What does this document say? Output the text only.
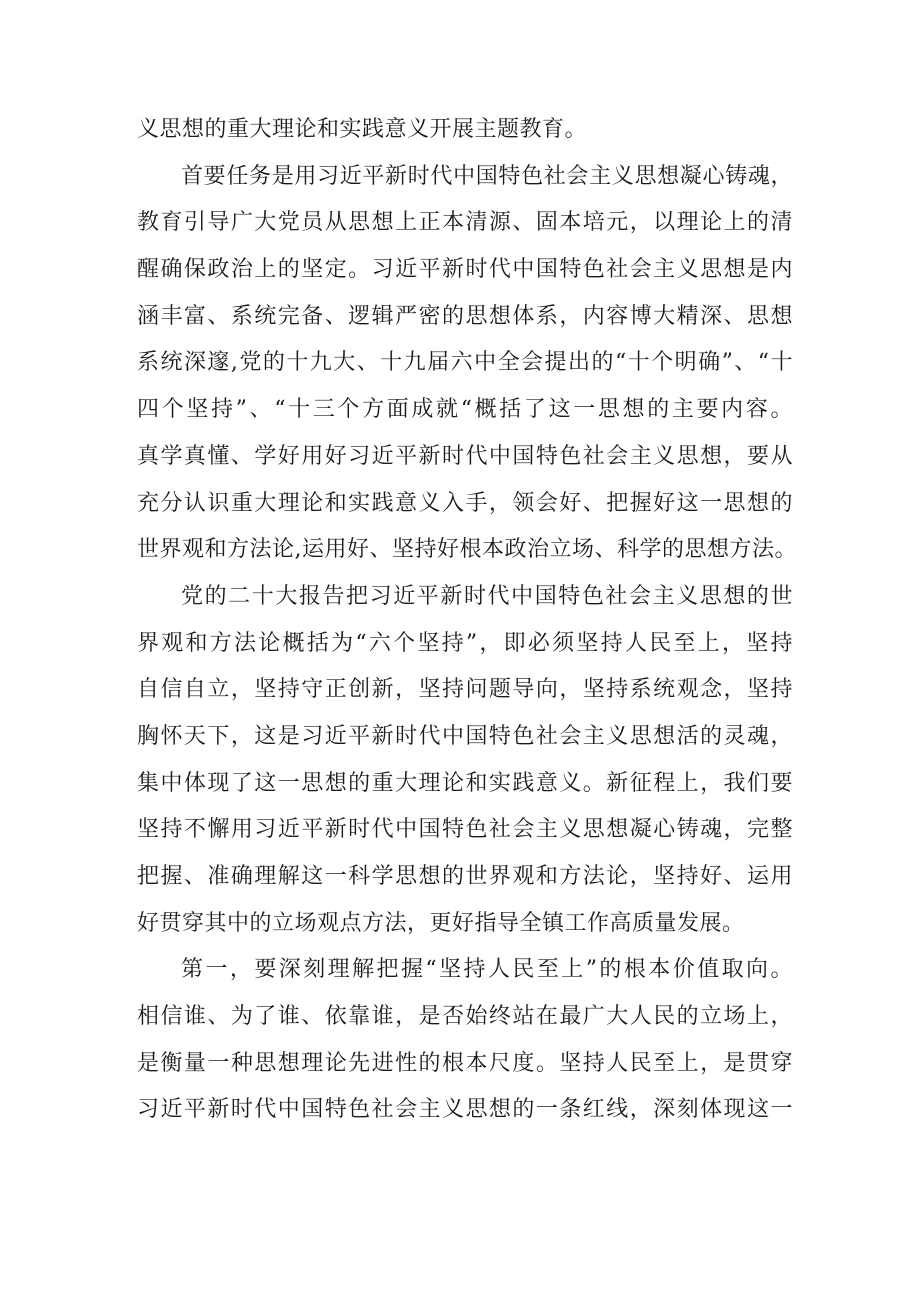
义思想的重大理论和实践意义开展主题教育。
首要任务是用习近平新时代中国特色社会主义思想凝心铸魂，
教育引导广大党员从思想上正本清源、固本培元，以理论上的清
醒确保政治上的坚定。习近平新时代中国特色社会主义思想是内
涵丰富、系统完备、逻辑严密的思想体系，内容博大精深、思想
系统深邃,党的十九大、十九届六中全会提出的“十个明确”、“十
四个坚持”、“十三个方面成就“概括了这一思想的主要内容。
真学真懂、学好用好习近平新时代中国特色社会主义思想，要从
充分认识重大理论和实践意义入手，领会好、把握好这一思想的
世界观和方法论,运用好、坚持好根本政治立场、科学的思想方法。
党的二十大报告把习近平新时代中国特色社会主义思想的世
界观和方法论概括为“六个坚持”，即必须坚持人民至上，坚持
自信自立，坚持守正创新，坚持问题导向，坚持系统观念，坚持
胸怀天下，这是习近平新时代中国特色社会主义思想活的灵魂，
集中体现了这一思想的重大理论和实践意义。新征程上，我们要
坚持不懈用习近平新时代中国特色社会主义思想凝心铸魂，完整
把握、准确理解这一科学思想的世界观和方法论，坚持好、运用
好贯穿其中的立场观点方法，更好指导全镇工作高质量发展。
第一，要深刻理解把握“坚持人民至上”的根本价值取向。
相信谁、为了谁、依靠谁，是否始终站在最广大人民的立场上，
是衡量一种思想理论先进性的根本尺度。坚持人民至上，是贯穿
习近平新时代中国特色社会主义思想的一条红线，深刻体现这一
